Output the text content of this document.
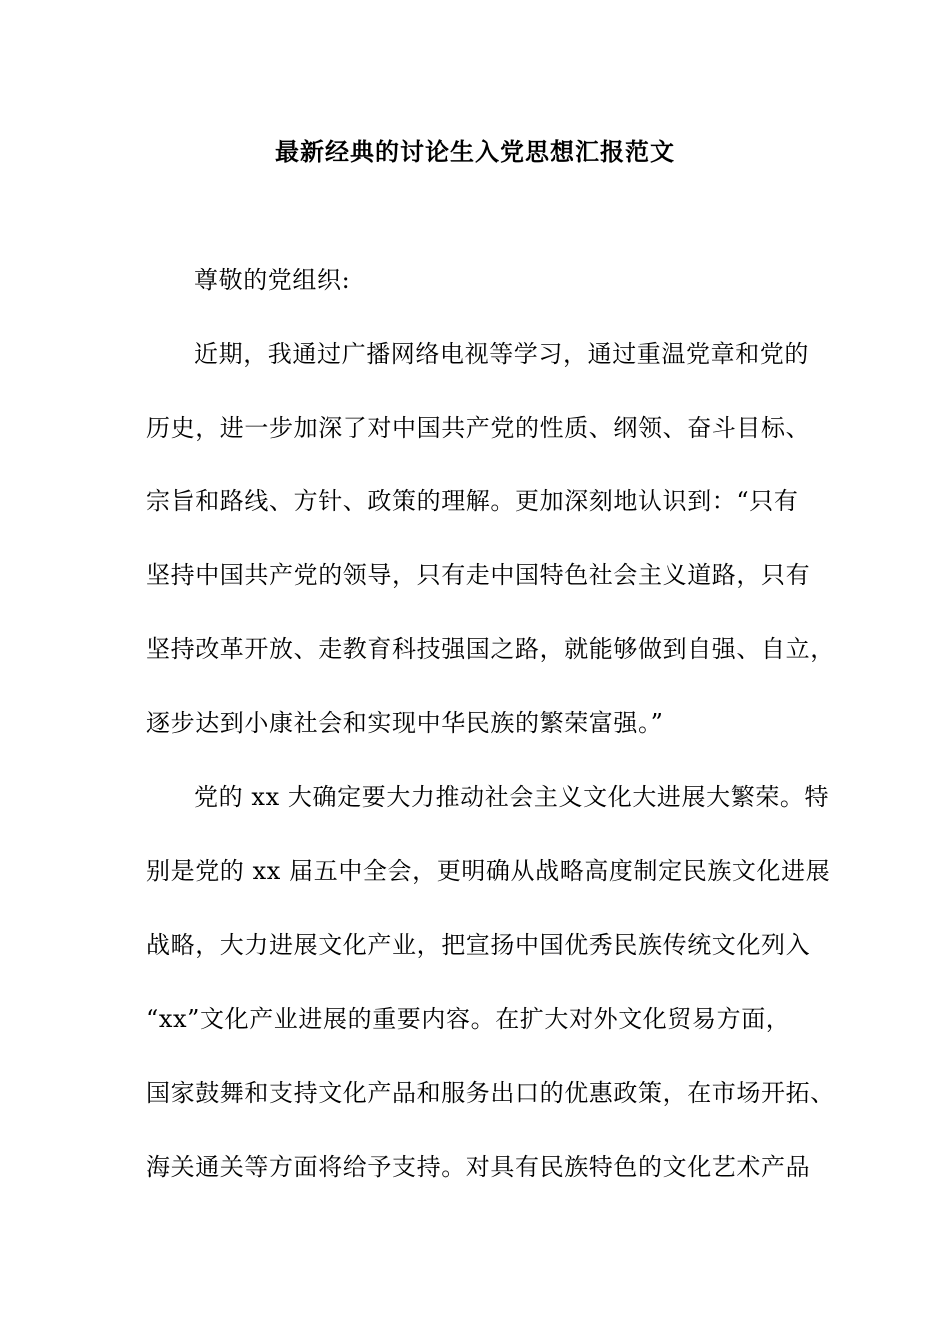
最新经典的讨论生入党思想汇报范文
尊敬的党组织:
近期，我通过广播网络电视等学习，通过重温党章和党的
历史，进一步加深了对中国共产党的性质、纲领、奋斗目标、
宗旨和路线、方针、政策的理解。更加深刻地认识到：“只有
坚持中国共产党的领导，只有走中国特色社会主义道路，只有
坚持改革开放、走教育科技强国之路，就能够做到自强、自立，
逐步达到小康社会和实现中华民族的繁荣富强。”
党的 xx 大确定要大力推动社会主义文化大进展大繁荣。特
别是党的 xx 届五中全会，更明确从战略高度制定民族文化进展
战略，大力进展文化产业，把宣扬中国优秀民族传统文化列入
“xx”文化产业进展的重要内容。在扩大对外文化贸易方面，
国家鼓舞和支持文化产品和服务出口的优惠政策，在市场开拓、
海关通关等方面将给予支持。对具有民族特色的文化艺术产品
